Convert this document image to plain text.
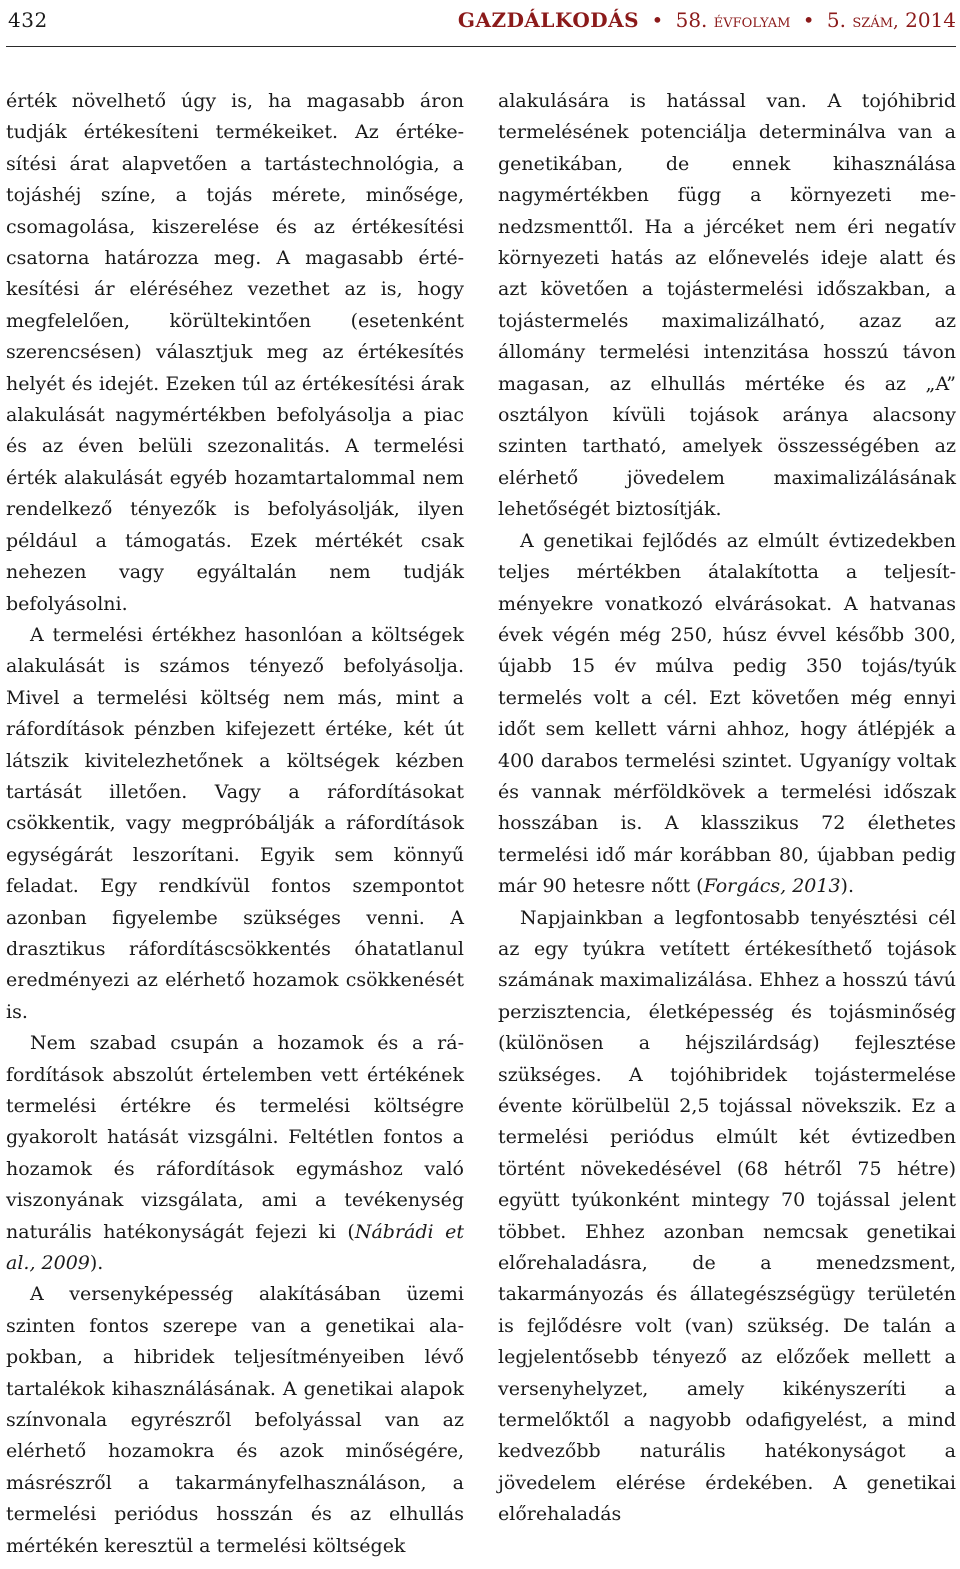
432	GAZDÁLKODÁS • 58. évfolyam • 5. szám, 2014

érték növelhető úgy is, ha magasabb áron tudják értékesíteni termékeiket. Az értékesítési árat alapvetően a tartástechnológia, a tojáshéj színe, a tojás mérete, minősége, csomagolása, kiszerelése és az értékesítési csatorna határozza meg. A magasabb értékesítési ár eléréséhez vezethet az is, hogy megfelelően, körültekintően (esetenként szerencsésen) választjuk meg az értékesítés helyét és idejét. Ezeken túl az értékesítési árak alakulását nagymértékben befolyásolja a piac és az éven belüli szezonalitás. A termelési érték alakulását egyéb hozamtartalommal nem rendelkező tényezők is befolyásolják, ilyen például a támogatás. Ezek mértékét csak nehezen vagy egyáltalán nem tudják befolyásolni.

A termelési értékhez hasonlóan a költségek alakulását is számos tényező befolyásolja. Mivel a termelési költség nem más, mint a ráfordítások pénzben kifejezett értéke, két út látszik kivitelezhetőnek a költségek kézben tartását illetően. Vagy a ráfordításokat csökkentik, vagy megpróbálják a ráfordítások egységárát leszorítani. Egyik sem könnyű feladat. Egy rendkívül fontos szempontot azonban figyelembe szükséges venni. A drasztikus ráfordításcsökkentés óhatatlanul eredményezi az elérhető hozamok csökkenését is.

Nem szabad csupán a hozamok és a ráfordítások abszolút értelemben vett értékének termelési értékre és termelési költségre gyakorolt hatását vizsgálni. Feltétlen fontos a hozamok és ráfordítások egymáshoz való viszonyának vizsgálata, ami a tevékenység naturális hatékonyságát fejezi ki (Nábrádi et al., 2009).

A versenyképesség alakításában üzemi szinten fontos szerepe van a genetikai alapokban, a hibridek teljesítményeiben lévő tartalékok kihasználásának. A genetikai alapok színvonala egyrészről befolyással van az elérhető hozamokra és azok minőségére, másrészről a takarmányfelhasználáson, a termelési periódus hosszán és az elhullás mértékén keresztül a termelési költségek

alakulására is hatással van. A tojóhibrid termelésének potenciálja determinálva van a genetikában, de ennek kihasználása nagymértékben függ a környezeti menedzsmenttől. Ha a jércéket nem éri negatív környezeti hatás az előnevelés ideje alatt és azt követően a tojástermelési időszakban, a tojástermelés maximalizálható, azaz az állomány termelési intenzitása hosszú távon magasan, az elhullás mértéke és az „A” osztályon kívüli tojások aránya alacsony szinten tartható, amelyek összességében az elérhető jövedelem maximalizálásának lehetőségét biztosítják.

A genetikai fejlődés az elmúlt évtizedekben teljes mértékben átalakította a teljesítményekre vonatkozó elvárásokat. A hatvanas évek végén még 250, húsz évvel később 300, újabb 15 év múlva pedig 350 tojás/tyúk termelés volt a cél. Ezt követően még ennyi időt sem kellett várni ahhoz, hogy átlépjék a 400 darabos termelési szintet. Ugyanígy voltak és vannak mérföldkövek a termelési időszak hosszában is. A klasszikus 72 élethetes termelési idő már korábban 80, újabban pedig már 90 hetesre nőtt (Forgács, 2013).

Napjainkban a legfontosabb tenyésztési cél az egy tyúkra vetített értékesíthető tojások számának maximalizálása. Ehhez a hosszú távú perzisztencia, életképesség és tojásminőség (különösen a héjszilárdság) fejlesztése szükséges. A tojóhibridek tojástermelése évente körülbelül 2,5 tojással növekszik. Ez a termelési periódus elmúlt két évtizedben történt növekedésével (68 hétről 75 hétre) együtt tyúkonként mintegy 70 tojással jelent többet. Ehhez azonban nemcsak genetikai előrehaladásra, de a menedzsment, takarmányozás és állategészségügy területén is fejlődésre volt (van) szükség. De talán a legjelentősebb tényező az előzőek mellett a versenyhelyzet, amely kikényszeríti a termelőktől a nagyobb odafigyelést, a mind kedvezőbb naturális hatékonyságot a jövedelem elérése érdekében. A genetikai előrehaladás
